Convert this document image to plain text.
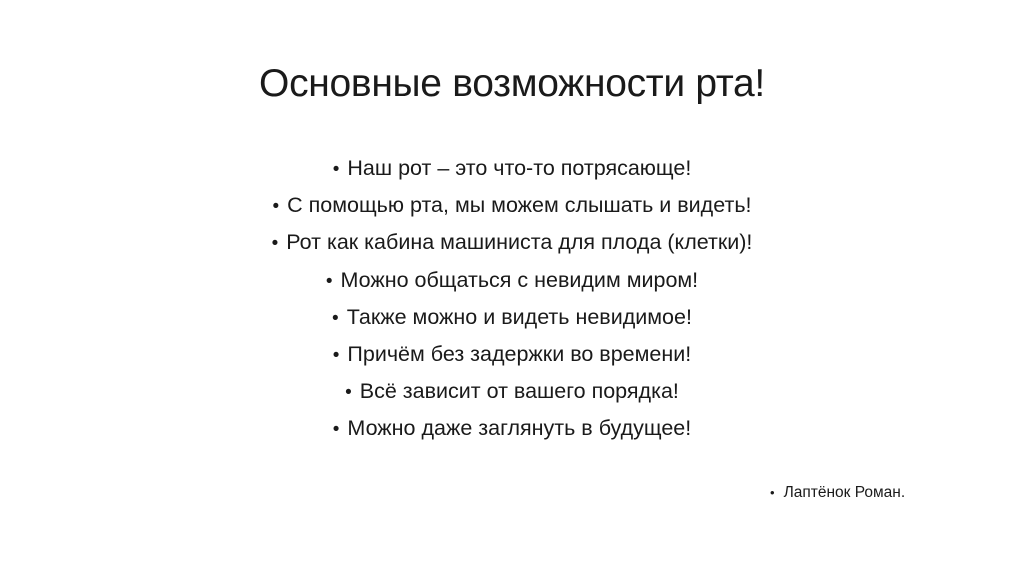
Основные возможности рта!
• Наш рот – это что-то потрясающе!
• С помощью рта, мы можем слышать и видеть!
• Рот как кабина машиниста для плода (клетки)!
• Можно общаться с невидим миром!
• Также можно и видеть невидимое!
• Причём без задержки во времени!
• Всё зависит от вашего порядка!
• Можно даже заглянуть в будущее!
• Лаптёнок Роман.
